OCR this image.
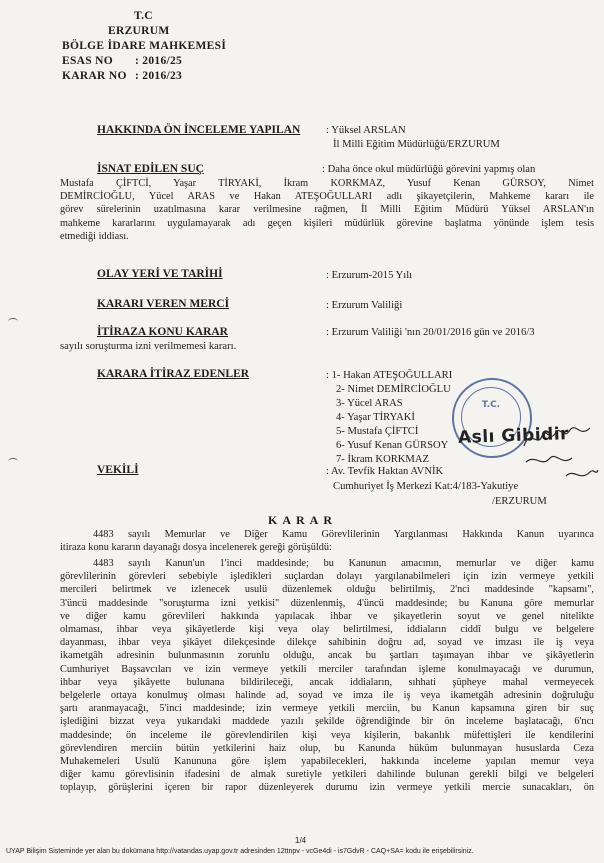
T.C
ERZURUM
BÖLGE İDARE MAHKEMESİ
ESAS NO : 2016/25
KARAR NO : 2016/23
HAKKINDA ÖN İNCELEME YAPILAN : Yüksel ARSLAN
İl Milli Eğitim Müdürlüğü/ERZURUM
İSNAT EDİLEN SUÇ	: Daha önce okul müdürlüğü görevini yapmış olan
Mustafa ÇİFTCİ, Yaşar TİRYAKİ, İkram KORKMAZ, Yusuf Kenan GÜRSOY, Nimet
DEMİRCİOĞLU, Yücel ARAS ve Hakan ATEŞOĞULLARI adlı şikayetçilerin, Mahkeme kararı ile
görev sürelerinin uzatılmasına karar verilmesine rağmen, İl Milli Eğitim Müdürü Yüksel ARSLAN'ın
mahkeme kararlarını uygulamayarak adı geçen kişileri müdürlük görevine başlatma yönünde işlem tesis
etmediği iddiası.
OLAY YERİ VE TARİHİ	: Erzurum-2015 Yılı
KARARI VEREN MERCİ	: Erzurum Valiliği
İTİRAZA KONU KARAR	: Erzurum Valiliği 'nın 20/01/2016 gün ve 2016/3
sayılı soruşturma izni verilmemesi kararı.
KARARA İTİRAZ EDENLER	: 1- Hakan ATEŞOĞULLARI
2- Nimet DEMİRCİOĞLU
3- Yücel ARAS
4- Yaşar TİRYAKİ
5- Mustafa ÇİFTCİ
6- Yusuf Kenan GÜRSOY
7- İkram KORKMAZ
T.C.
Aslı Gibidir
VEKİLİ	: Av. Tevfik Haktan AVNİK
Cumhuriyet İş Merkezi Kat:4/183-Yakutiye
/ERZURUM
KARAR
4483 sayılı Memurlar ve Diğer Kamu Görevlilerinin Yargılanması Hakkında Kanun uyarınca
itiraza konu kararın dayanağı dosya incelenerek gereği görüşüldü:
4483 sayılı Kanun'un 1'inci maddesinde; bu Kanunun amacının, memurlar ve diğer kamu
görevlilerinin görevleri sebebiyle işledikleri suçlardan dolayı yargılanabilmeleri için izin vermeye yetkili
mercileri belirtmek ve izlenecek usulü düzenlemek olduğu belirtilmiş, 2'nci maddesinde "kapsamı",
3'üncü maddesinde "soruşturma izni yetkisi" düzenlenmiş, 4'üncü maddesinde; bu Kanuna göre memurlar
ve diğer kamu görevlileri hakkında yapılacak ihbar ve şikayetlerin soyut ve genel nitelikte
olmaması, ihbar veya şikâyetlerde kişi veya olay belirtilmesi, iddiaların ciddî bulgu ve belgelere
dayanması, ihbar veya şikâyet dilekçesinde dilekçe sahibinin doğru ad, soyad ve imzası ile iş veya
ikametgâh adresinin bulunmasının zorunlu olduğu, ancak bu şartları taşımayan ihbar ve şikâyetlerin
Cumhuriyet Başsavcıları ve izin vermeye yetkili merciler tarafından işleme konulmayacağı ve durumun,
ihbar veya şikâyette bulunana bildirileceği, ancak iddiaların, sıhhati şüpheye mahal vermeyecek
belgelerle ortaya konulmuş olması halinde ad, soyad ve imza ile iş veya ikametgâh adresinin doğruluğu
şartı aranmayacağı, 5'inci maddesinde; izin vermeye yetkili merciin, bu Kanun kapsamına giren bir suç
işlediğini bizzat veya yukarıdaki maddede yazılı şekilde öğrendiğinde bir ön inceleme başlatacağı, 6'ncı
maddesinde; ön inceleme ile görevlendirilen kişi veya kişilerin, bakanlık müfettişleri ile kendilerini
görevlendiren merciin bütün yetkilerini haiz olup, bu Kanunda hüküm bulunmayan hususlarda Ceza
Muhakemeleri Usulü Kanununa göre işlem yapabilecekleri, hakkında inceleme yapılan memur veya
diğer kamu görevlisinin ifadesini de almak suretiyle yetkileri dahilinde bulunan gerekli bilgi ve belgeleri
toplayıp, görüşlerini içeren bir rapor düzenleyerek durumu izin vermeye yetkili mercie sunacakları, ön
1/4
UYAP Bilişim Sisteminde yer alan bu dokümana http://vatandas.uyap.gov.tr adresinden 12ttnpv - vcGe4di - is7GdvR - CAQ+SA= kodu ile erişebilirsiniz.
